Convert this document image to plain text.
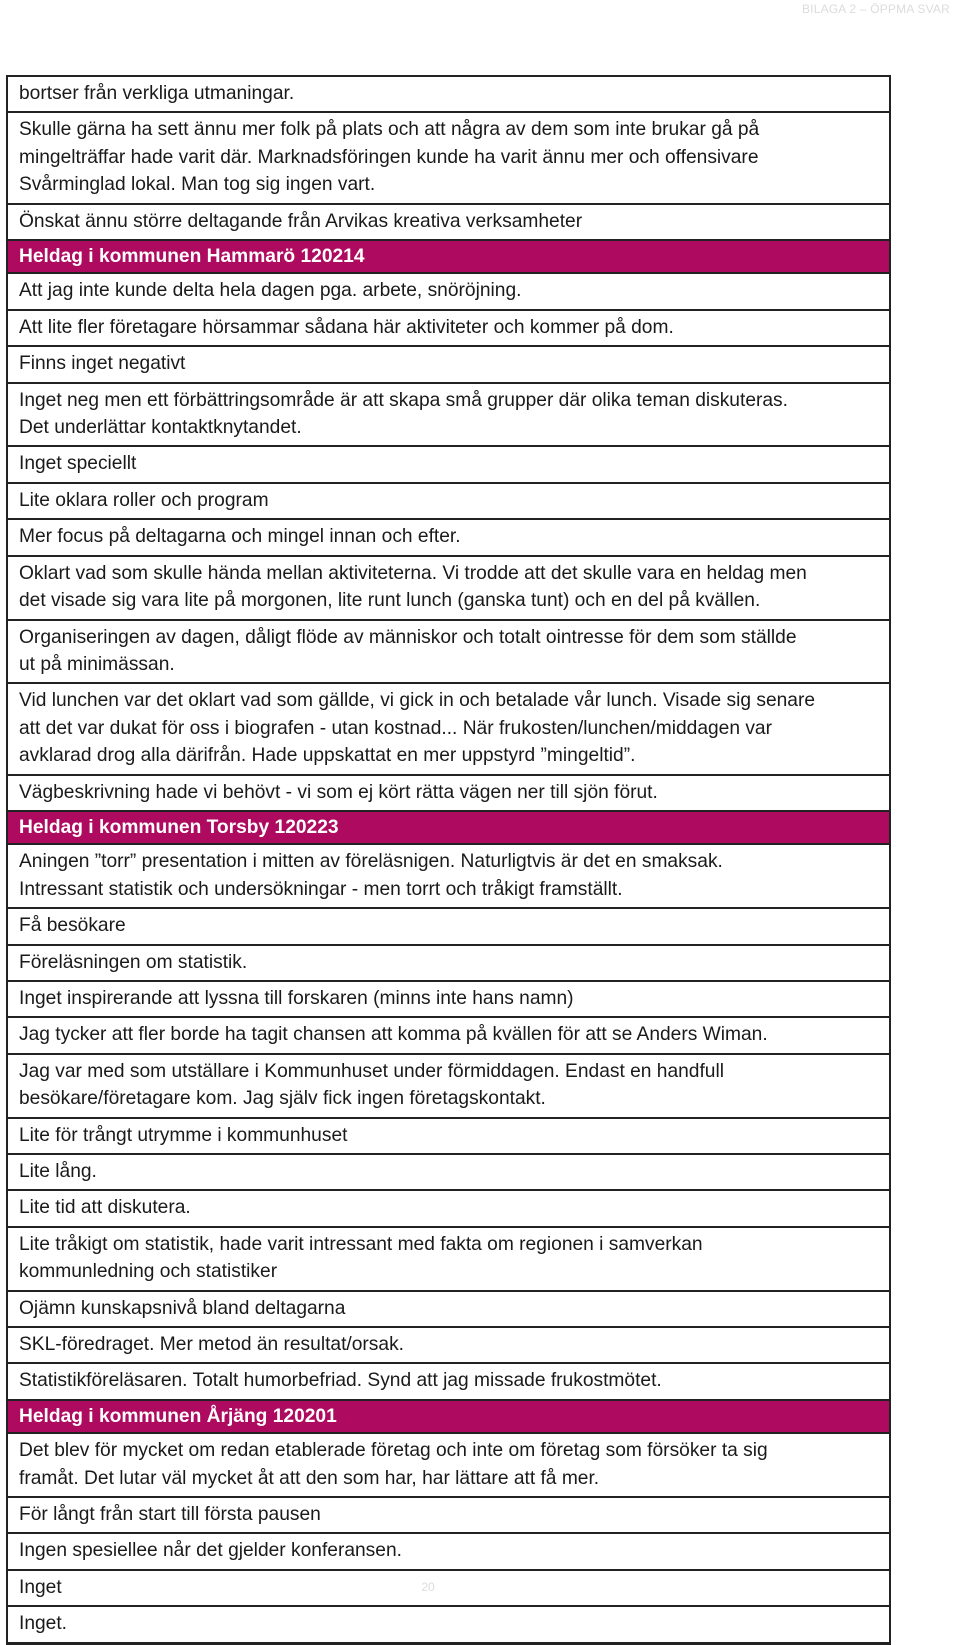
BILAGA 2 – ÖPPMA SVAR
bortser från verkliga utmaningar.
Skulle gärna ha sett ännu mer folk på plats och att några av dem som inte brukar gå på
mingelträffar hade varit där. Marknadsföringen kunde ha varit ännu mer och offensivare
Svårminglad lokal. Man tog sig ingen vart.
Önskat ännu större deltagande från Arvikas kreativa verksamheter
Heldag i kommunen Hammarö 120214
Att jag inte kunde delta hela dagen pga. arbete, snöröjning.
Att lite fler företagare hörsammar sådana här aktiviteter och kommer på dom.
Finns inget negativt
Inget neg men ett förbättringsområde är att skapa små grupper där olika teman diskuteras.
Det underlättar kontaktknytandet.
Inget speciellt
Lite oklara roller och program
Mer focus på deltagarna och mingel innan och efter.
Oklart vad som skulle hända mellan aktiviteterna. Vi trodde att det skulle vara en heldag men
det visade sig vara lite på morgonen, lite runt lunch (ganska tunt) och en del på kvällen.
Organiseringen av dagen, dåligt flöde av människor och totalt ointresse för dem som ställde
ut på minimässan.
Vid lunchen var det oklart vad som gällde, vi gick in och betalade vår lunch. Visade sig senare
att det var dukat för oss i biografen - utan kostnad... När frukosten/lunchen/middagen var
avklarad drog alla därifrån. Hade uppskattat en mer uppstyrd ”mingeltid”.
Vägbeskrivning hade vi behövt - vi som ej kört rätta vägen ner till sjön förut.
Heldag i kommunen Torsby 120223
Aningen ”torr” presentation i mitten av föreläsnigen. Naturligtvis är det en smaksak.
Intressant statistik och undersökningar - men torrt och tråkigt framställt.
Få besökare
Föreläsningen om statistik.
Inget inspirerande att lyssna till forskaren (minns inte hans namn)
Jag tycker att fler borde ha tagit chansen att komma på kvällen för att se Anders Wiman.
Jag var med som utställare i Kommunhuset under förmiddagen. Endast en handfull
besökare/företagare kom. Jag själv fick ingen företagskontakt.
Lite för trångt utrymme i kommunhuset
Lite lång.
Lite tid att diskutera.
Lite tråkigt om statistik, hade varit intressant med fakta om regionen i samverkan
kommunledning och statistiker
Ojämn kunskapsnivå bland deltagarna
SKL-föredraget. Mer metod än resultat/orsak.
Statistikföreläsaren. Totalt humorbefriad. Synd att jag missade frukostmötet.
Heldag i kommunen Årjäng 120201
Det blev för mycket om redan etablerade företag och inte om företag som försöker ta sig
framåt. Det lutar väl mycket åt att den som har, har lättare att få mer.
För långt från start till första pausen
Ingen spesiellee når det gjelder konferansen.
Inget
Inget.
20
